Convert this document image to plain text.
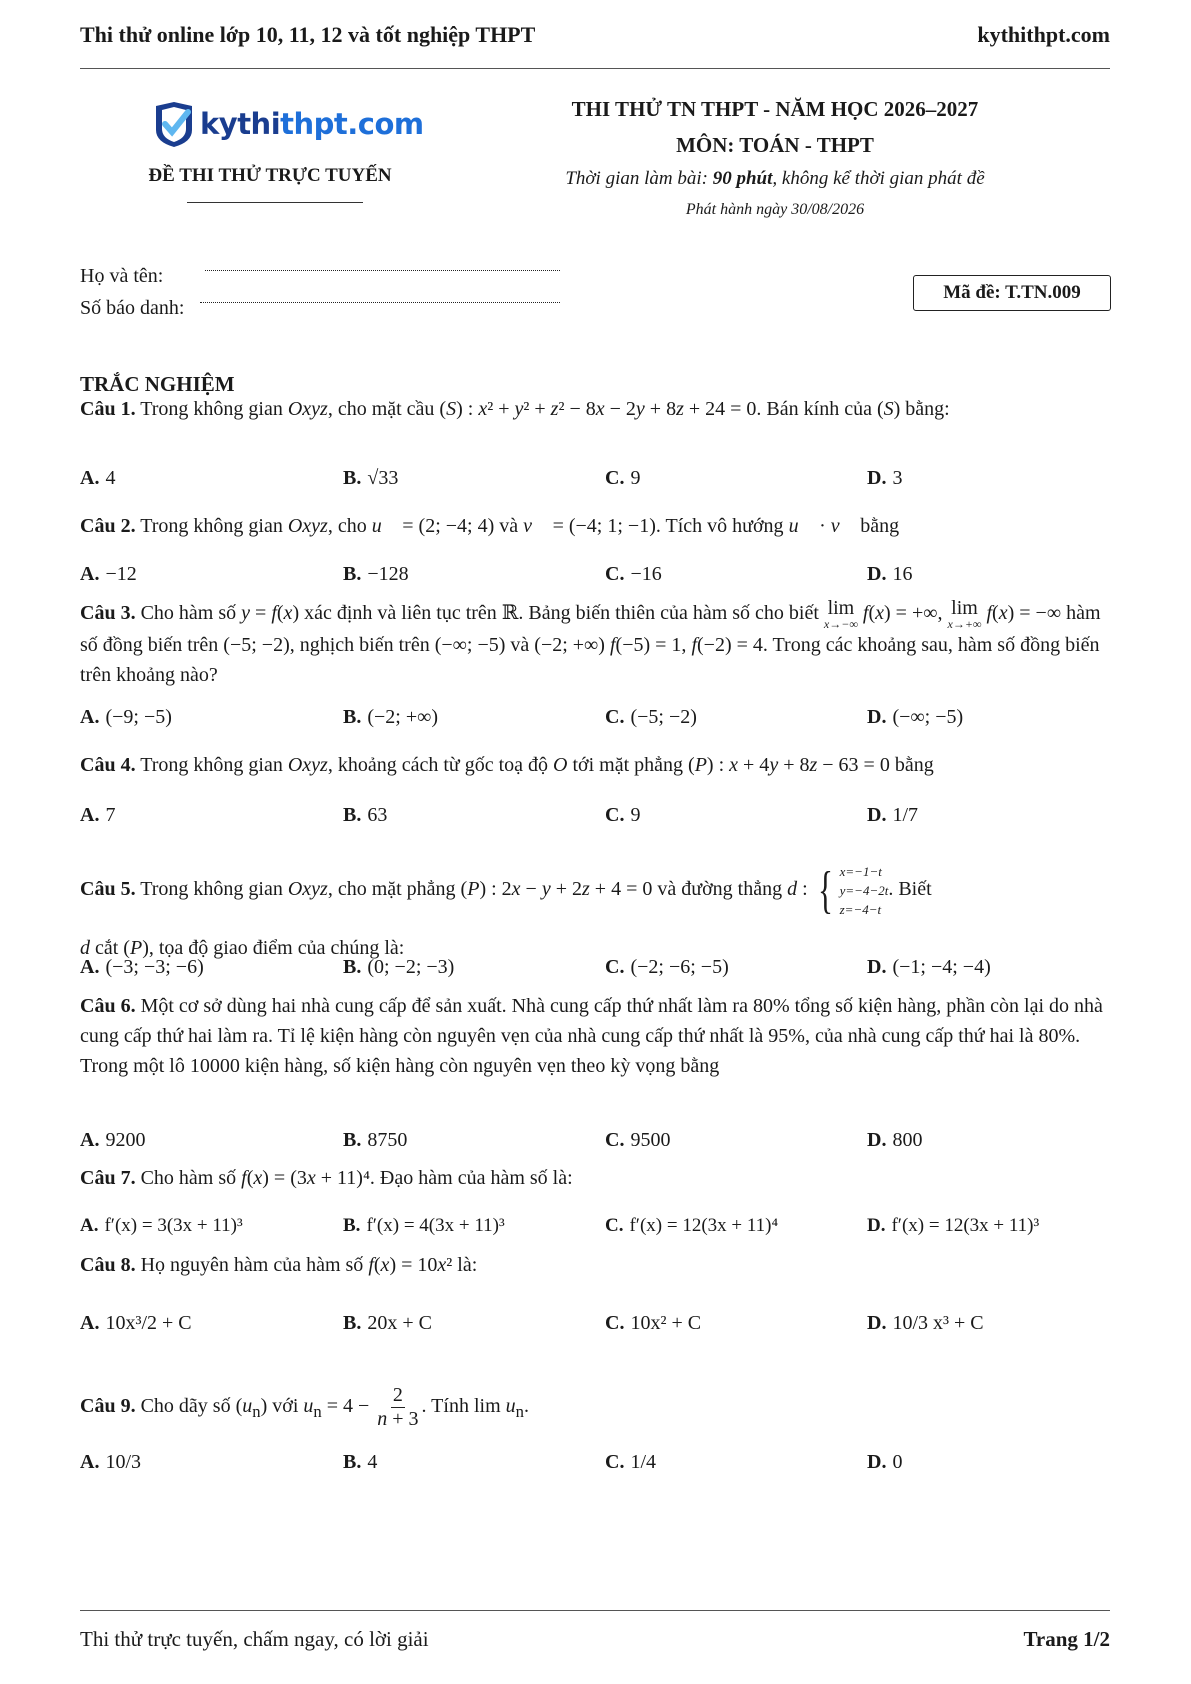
Thi thử online lớp 10, 11, 12 và tốt nghiệp THPT	kythithpt.com
kythithpt.com
ĐỀ THI THỬ TRỰC TUYẾN
THI THỬ TN THPT - NĂM HỌC 2026–2027
MÔN: TOÁN - THPT
Thời gian làm bài: 90 phút, không kể thời gian phát đề
Phát hành ngày 30/08/2026
Họ và tên:
Số báo danh:
Mã đề: T.TN.009
TRẮC NGHIỆM
Câu 1. Trong không gian Oxyz, cho mặt cầu (S) : x² + y² + z² − 8x − 2y + 8z + 24 = 0. Bán kính của (S) bằng:
A. 4	B. √33	C. 9	D. 3
Câu 2. Trong không gian Oxyz, cho u⃗ = (2; −4; 4) và v⃗ = (−4; 1; −1). Tích vô hướng u⃗ · v⃗ bằng
A. −12	B. −128	C. −16	D. 16
Câu 3. Cho hàm số y = f(x) xác định và liên tục trên ℝ. Bảng biến thiên của hàm số cho biết lim
x→−∞ f(x) = +∞, lim
x→+∞ f(x) = −∞ hàm số đồng biến trên (−5; −2), nghịch biến trên (−∞; −5) và (−2; +∞) f(−5) = 1, f(−2) = 4. Trong các khoảng sau, hàm số đồng biến trên khoảng nào?
A. (−9; −5)	B. (−2; +∞)	C. (−5; −2)	D. (−∞; −5)
Câu 4. Trong không gian Oxyz, khoảng cách từ gốc toạ độ O tới mặt phẳng (P) : x + 4y + 8z − 63 = 0 bằng
A. 7	B. 63	C. 9	D. 1/7
Câu 5. Trong không gian Oxyz, cho mặt phẳng (P) : 2x − y + 2z + 4 = 0 và đường thẳng d : { x=−1−t
y=−4−2t
z=−4−t
. Biết
d cắt (P), tọa độ giao điểm của chúng là:
A. (−3; −3; −6)	B. (0; −2; −3)	C. (−2; −6; −5)	D. (−1; −4; −4)
Câu 6. Một cơ sở dùng hai nhà cung cấp để sản xuất. Nhà cung cấp thứ nhất làm ra 80% tổng số kiện hàng, phần còn lại do nhà cung cấp thứ hai làm ra. Tỉ lệ kiện hàng còn nguyên vẹn của nhà cung cấp thứ nhất là 95%, của nhà cung cấp thứ hai là 80%. Trong một lô 10000 kiện hàng, số kiện hàng còn nguyên vẹn theo kỳ vọng bằng
A. 9200	B. 8750	C. 9500	D. 800
Câu 7. Cho hàm số f(x) = (3x + 11)⁴. Đạo hàm của hàm số là:
A. f′(x) = 3(3x + 11)³	B. f′(x) = 4(3x + 11)³	C. f′(x) = 12(3x + 11)⁴	D. f′(x) = 12(3x + 11)³
Câu 8. Họ nguyên hàm của hàm số f(x) = 10x² là:
A. 10x³/2 + C	B. 20x + C	C. 10x² + C	D. 10/3 x³ + C
Câu 9. Cho dãy số $(u_n)$ với $u_n = 4 - \frac{2}{n + 3}$ . Tính $\lim u_n$.
A. 10/3	B. 4	C. 1/4	D. 0
Thi thử trực tuyến, chấm ngay, có lời giải	Trang 1/2
